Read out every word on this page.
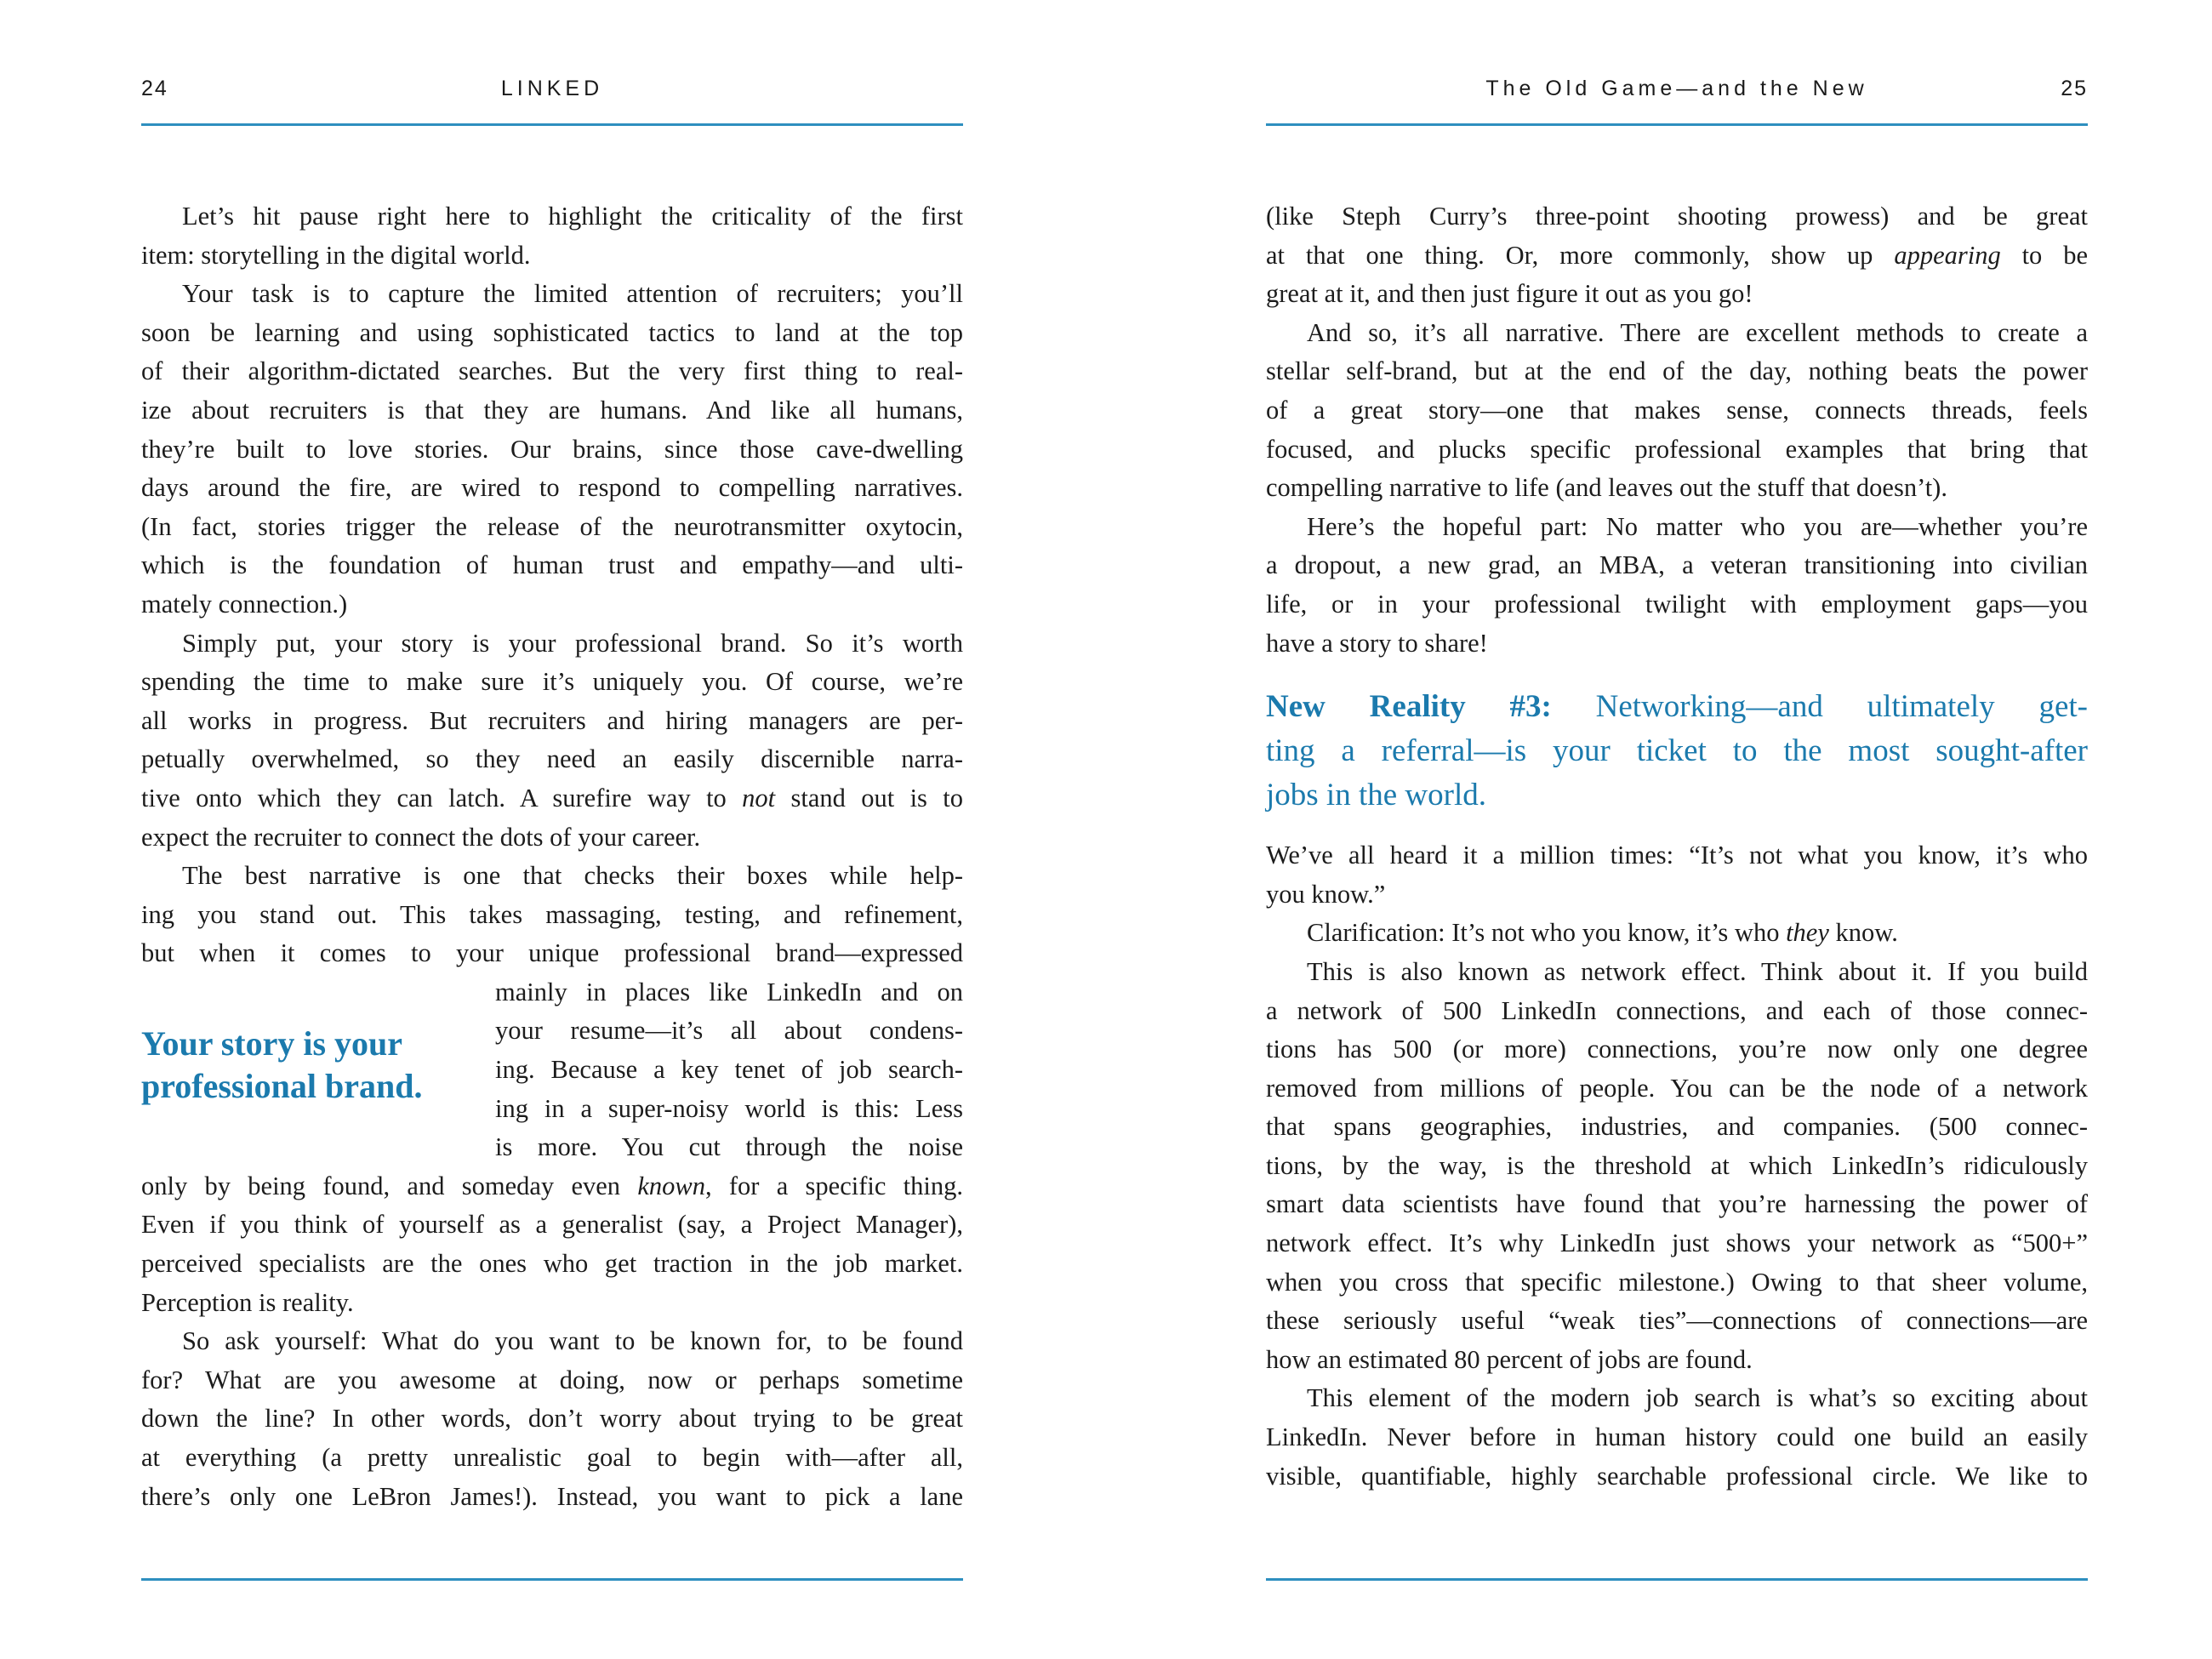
24	LINKED
Let’s hit pause right here to highlight the criticality of the first
item: storytelling in the digital world.
Your task is to capture the limited attention of recruiters; you’ll
soon be learning and using sophisticated tactics to land at the top
of their algorithm-dictated searches. But the very first thing to real-
ize about recruiters is that they are humans. And like all humans,
they’re built to love stories. Our brains, since those cave-dwelling
days around the fire, are wired to respond to compelling narratives.
(In fact, stories trigger the release of the neurotransmitter oxytocin,
which is the foundation of human trust and empathy—and ulti-
mately connection.)
Simply put, your story is your professional brand. So it’s worth
spending the time to make sure it’s uniquely you. Of course, we’re
all works in progress. But recruiters and hiring managers are per-
petually overwhelmed, so they need an easily discernible narra-
tive onto which they can latch. A surefire way to not stand out is to
expect the recruiter to connect the dots of your career.
The best narrative is one that checks their boxes while help-
ing you stand out. This takes massaging, testing, and refinement,
but when it comes to your unique professional brand—expressed
Your story is your
professional brand.
mainly in places like LinkedIn and on
your resume—it’s all about condens-
ing. Because a key tenet of job search-
ing in a super-noisy world is this: Less
is more. You cut through the noise
only by being found, and someday even known, for a specific thing.
Even if you think of yourself as a generalist (say, a Project Manager),
perceived specialists are the ones who get traction in the job market.
Perception is reality.
So ask yourself: What do you want to be known for, to be found
for? What are you awesome at doing, now or perhaps sometime
down the line? In other words, don’t worry about trying to be great
at everything (a pretty unrealistic goal to begin with—after all,
there’s only one LeBron James!). Instead, you want to pick a lane
The Old Game—and the New	25
(like Steph Curry’s three-point shooting prowess) and be great
at that one thing. Or, more commonly, show up appearing to be
great at it, and then just figure it out as you go!
And so, it’s all narrative. There are excellent methods to create a
stellar self-brand, but at the end of the day, nothing beats the power
of a great story—one that makes sense, connects threads, feels
focused, and plucks specific professional examples that bring that
compelling narrative to life (and leaves out the stuff that doesn’t).
Here’s the hopeful part: No matter who you are—whether you’re
a dropout, a new grad, an MBA, a veteran transitioning into civilian
life, or in your professional twilight with employment gaps—you
have a story to share!
New Reality #3: Networking—and ultimately get-
ting a referral—is your ticket to the most sought-after
jobs in the world.
We’ve all heard it a million times: “It’s not what you know, it’s who
you know.”
Clarification: It’s not who you know, it’s who they know.
This is also known as network effect. Think about it. If you build
a network of 500 LinkedIn connections, and each of those connec-
tions has 500 (or more) connections, you’re now only one degree
removed from millions of people. You can be the node of a network
that spans geographies, industries, and companies. (500 connec-
tions, by the way, is the threshold at which LinkedIn’s ridiculously
smart data scientists have found that you’re harnessing the power of
network effect. It’s why LinkedIn just shows your network as “500+”
when you cross that specific milestone.) Owing to that sheer volume,
these seriously useful “weak ties”—connections of connections—are
how an estimated 80 percent of jobs are found.
This element of the modern job search is what’s so exciting about
LinkedIn. Never before in human history could one build an easily
visible, quantifiable, highly searchable professional circle. We like to
